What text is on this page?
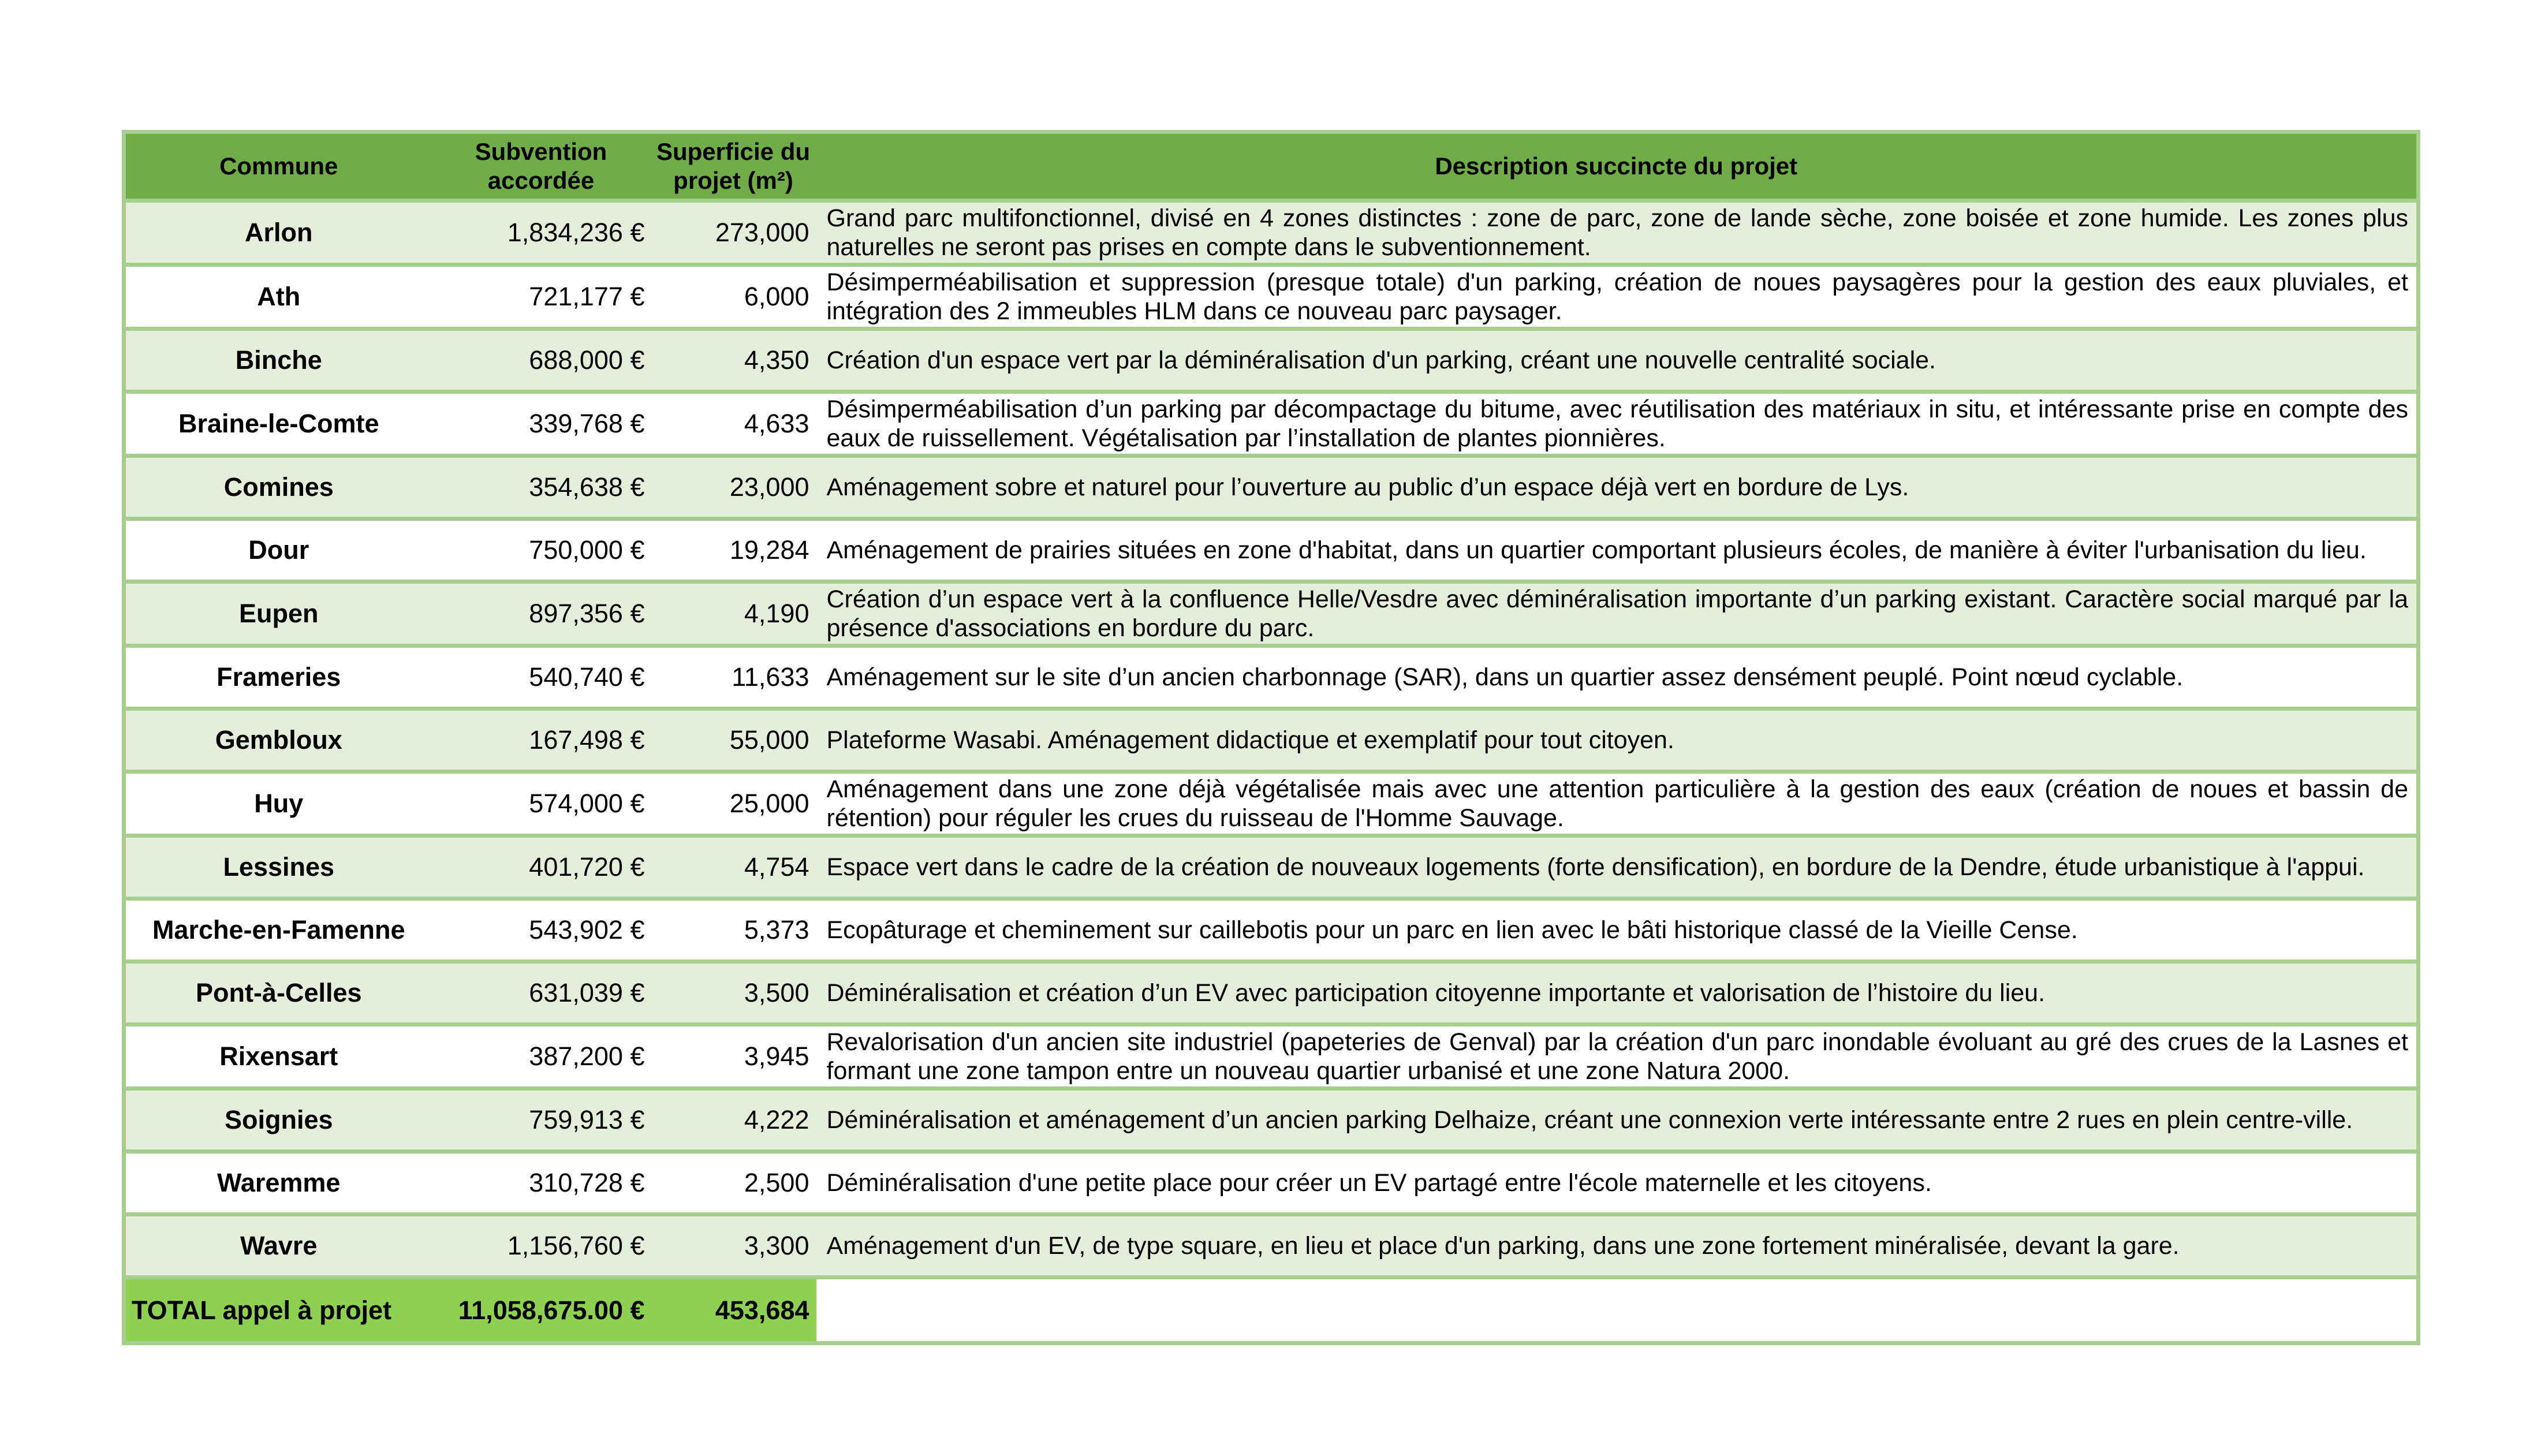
Commune	Subvention accordée	Superficie du projet (m²)	Description succincte du projet
Arlon	1,834,236 €	273,000	Grand parc multifonctionnel, divisé en 4 zones distinctes : zone de parc, zone de lande sèche, zone boisée et zone humide. Les zones plus naturelles ne seront pas prises en compte dans le subventionnement.
Ath	721,177 €	6,000	Désimperméabilisation et suppression (presque totale) d'un parking, création de noues paysagères pour la gestion des eaux pluviales, et intégration des 2 immeubles HLM dans ce nouveau parc paysager.
Binche	688,000 €	4,350	Création d'un espace vert par la déminéralisation d'un parking, créant une nouvelle centralité sociale.
Braine-le-Comte	339,768 €	4,633	Désimperméabilisation d’un parking par décompactage du bitume, avec réutilisation des matériaux in situ, et intéressante prise en compte des eaux de ruissellement. Végétalisation par l’installation de plantes pionnières.
Comines	354,638 €	23,000	Aménagement sobre et naturel pour l’ouverture au public d’un espace déjà vert en bordure de Lys.
Dour	750,000 €	19,284	Aménagement de prairies situées en zone d'habitat, dans un quartier comportant plusieurs écoles, de manière à éviter l'urbanisation du lieu.
Eupen	897,356 €	4,190	Création d’un espace vert à la confluence Helle/Vesdre avec déminéralisation importante d’un parking existant. Caractère social marqué par la présence d'associations en bordure du parc.
Frameries	540,740 €	11,633	Aménagement sur le site d’un ancien charbonnage (SAR), dans un quartier assez densément peuplé. Point nœud cyclable.
Gembloux	167,498 €	55,000	Plateforme Wasabi. Aménagement didactique et exemplatif pour tout citoyen.
Huy	574,000 €	25,000	Aménagement dans une zone déjà végétalisée mais avec une attention particulière à la gestion des eaux (création de noues et bassin de rétention) pour réguler les crues du ruisseau de l'Homme Sauvage.
Lessines	401,720 €	4,754	Espace vert dans le cadre de la création de nouveaux logements (forte densification), en bordure de la Dendre, étude urbanistique à l'appui.
Marche-en-Famenne	543,902 €	5,373	Ecopâturage et cheminement sur caillebotis pour un parc en lien avec le bâti historique classé de la Vieille Cense.
Pont-à-Celles	631,039 €	3,500	Déminéralisation et création d’un EV avec participation citoyenne importante et valorisation de l’histoire du lieu.
Rixensart	387,200 €	3,945	Revalorisation d'un ancien site industriel (papeteries de Genval) par la création d'un parc inondable évoluant au gré des crues de la Lasnes et formant une zone tampon entre un nouveau quartier urbanisé et une zone Natura 2000.
Soignies	759,913 €	4,222	Déminéralisation et aménagement d’un ancien parking Delhaize, créant une connexion verte intéressante entre 2 rues en plein centre-ville.
Waremme	310,728 €	2,500	Déminéralisation d'une petite place pour créer un EV partagé entre l'école maternelle et les citoyens.
Wavre	1,156,760 €	3,300	Aménagement d'un EV, de type square, en lieu et place d'un parking, dans une zone fortement minéralisée, devant la gare.
TOTAL appel à projet	11,058,675.00 €	453,684	
